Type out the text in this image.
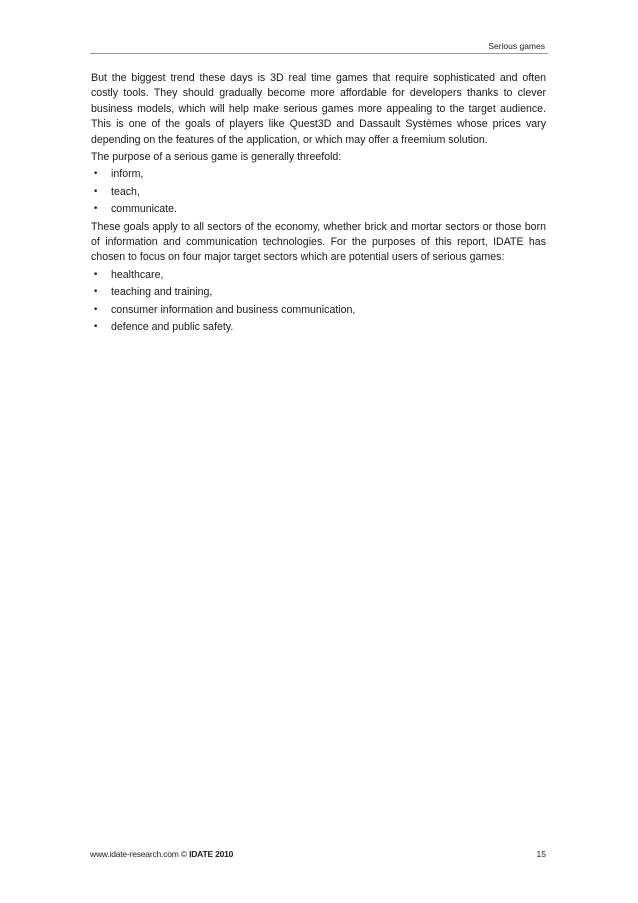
Serious games

But the biggest trend these days is 3D real time games that require sophisticated and often costly tools. They should gradually become more affordable for developers thanks to clever business models, which will help make serious games more appealing to the target audience. This is one of the goals of players like Quest3D and Dassault Systèmes whose prices vary depending on the features of the application, or which may offer a freemium solution.

The purpose of a serious game is generally threefold:

• inform,
• teach,
• communicate.

These goals apply to all sectors of the economy, whether brick and mortar sectors or those born of information and communication technologies. For the purposes of this report, IDATE has chosen to focus on four major target sectors which are potential users of serious games:

• healthcare,
• teaching and training,
• consumer information and business communication,
• defence and public safety.
www.idate-research.com © IDATE 2010	15
